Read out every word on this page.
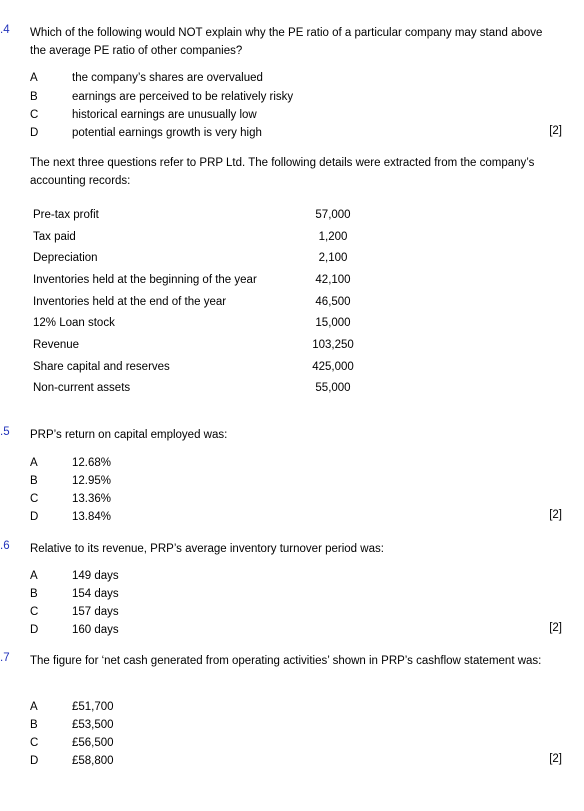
.4 Which of the following would NOT explain why the PE ratio of a particular company may stand above the average PE ratio of other companies?
A	the company’s shares are overvalued
B	earnings are perceived to be relatively risky
C	historical earnings are unusually low
D	potential earnings growth is very high	[2]
The next three questions refer to PRP Ltd. The following details were extracted from the company’s accounting records:
Pre-tax profit	57,000
Tax paid	1,200
Depreciation	2,100
Inventories held at the beginning of the year	42,100
Inventories held at the end of the year	46,500
12% Loan stock	15,000
Revenue	103,250
Share capital and reserves	425,000
Non-current assets	55,000
.5 PRP’s return on capital employed was:
A	12.68%
B	12.95%
C	13.36%
D	13.84%	[2]
.6 Relative to its revenue, PRP’s average inventory turnover period was:
A	149 days
B	154 days
C	157 days
D	160 days	[2]
.7 The figure for ‘net cash generated from operating activities’ shown in PRP’s cashflow statement was:
A	£51,700
B	£53,500
C	£56,500
D	£58,800	[2]
